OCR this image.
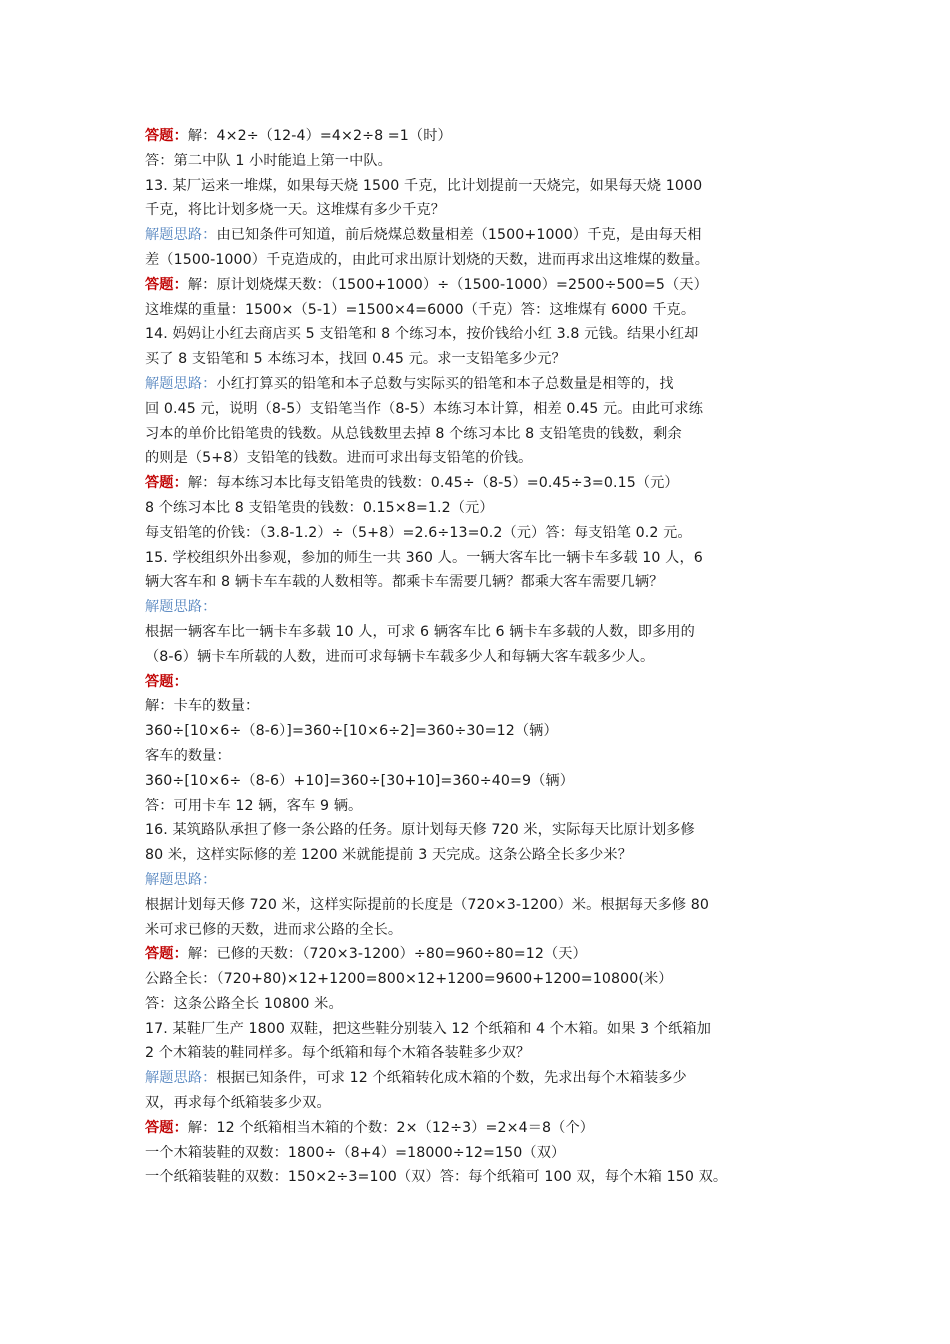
答题：解：4×2÷（12-4）=4×2÷8 =1（时）
答：第二中队 1 小时能追上第一中队。
13. 某厂运来一堆煤，如果每天烧 1500 千克，比计划提前一天烧完，如果每天烧 1000
千克，将比计划多烧一天。这堆煤有多少千克？
解题思路：由已知条件可知道，前后烧煤总数量相差（1500+1000）千克，是由每天相
差（1500-1000）千克造成的，由此可求出原计划烧的天数，进而再求出这堆煤的数量。
答题：解：原计划烧煤天数：（1500+1000）÷（1500-1000）=2500÷500=5（天）
这堆煤的重量：1500×（5-1）=1500×4=6000（千克）答：这堆煤有 6000 千克。
14. 妈妈让小红去商店买 5 支铅笔和 8 个练习本，按价钱给小红 3.8 元钱。结果小红却
买了 8 支铅笔和 5 本练习本，找回 0.45 元。求一支铅笔多少元？
解题思路：小红打算买的铅笔和本子总数与实际买的铅笔和本子总数量是相等的，找
回 0.45 元，说明（8-5）支铅笔当作（8-5）本练习本计算，相差 0.45 元。由此可求练
习本的单价比铅笔贵的钱数。从总钱数里去掉 8 个练习本比 8 支铅笔贵的钱数，剩余
的则是（5+8）支铅笔的钱数。进而可求出每支铅笔的价钱。
答题：解：每本练习本比每支铅笔贵的钱数：0.45÷（8-5）=0.45÷3=0.15（元）
8 个练习本比 8 支铅笔贵的钱数：0.15×8=1.2（元）
每支铅笔的价钱：（3.8-1.2）÷（5+8）=2.6÷13=0.2（元）答：每支铅笔 0.2 元。
15. 学校组织外出参观，参加的师生一共 360 人。一辆大客车比一辆卡车多载 10 人，6
辆大客车和 8 辆卡车车载的人数相等。都乘卡车需要几辆？都乘大客车需要几辆？
解题思路：
根据一辆客车比一辆卡车多载 10 人，可求 6 辆客车比 6 辆卡车多载的人数，即多用的
（8-6）辆卡车所载的人数，进而可求每辆卡车载多少人和每辆大客车载多少人。
答题：
解：卡车的数量：
360÷[10×6÷（8-6）]=360÷[10×6÷2]=360÷30=12（辆）
客车的数量：
360÷[10×6÷（8-6）+10]=360÷[30+10]=360÷40=9（辆）
答：可用卡车 12 辆，客车 9 辆。
16. 某筑路队承担了修一条公路的任务。原计划每天修 720 米，实际每天比原计划多修
80 米，这样实际修的差 1200 米就能提前 3 天完成。这条公路全长多少米？
解题思路：
根据计划每天修 720 米，这样实际提前的长度是（720×3-1200）米。根据每天多修 80
米可求已修的天数，进而求公路的全长。
答题：解：已修的天数：（720×3-1200）÷80=960÷80=12（天）
公路全长：（720+80)×12+1200=800×12+1200=9600+1200=10800(米）
答：这条公路全长 10800 米。
17. 某鞋厂生产 1800 双鞋，把这些鞋分别装入 12 个纸箱和 4 个木箱。如果 3 个纸箱加
2 个木箱装的鞋同样多。每个纸箱和每个木箱各装鞋多少双？
解题思路：根据已知条件，可求 12 个纸箱转化成木箱的个数，先求出每个木箱装多少
双，再求每个纸箱装多少双。
答题：解：12 个纸箱相当木箱的个数：2×（12÷3）=2×4＝8（个）
一个木箱装鞋的双数：1800÷（8+4）=18000÷12=150（双）
一个纸箱装鞋的双数：150×2÷3=100（双）答：每个纸箱可 100 双，每个木箱 150 双。
